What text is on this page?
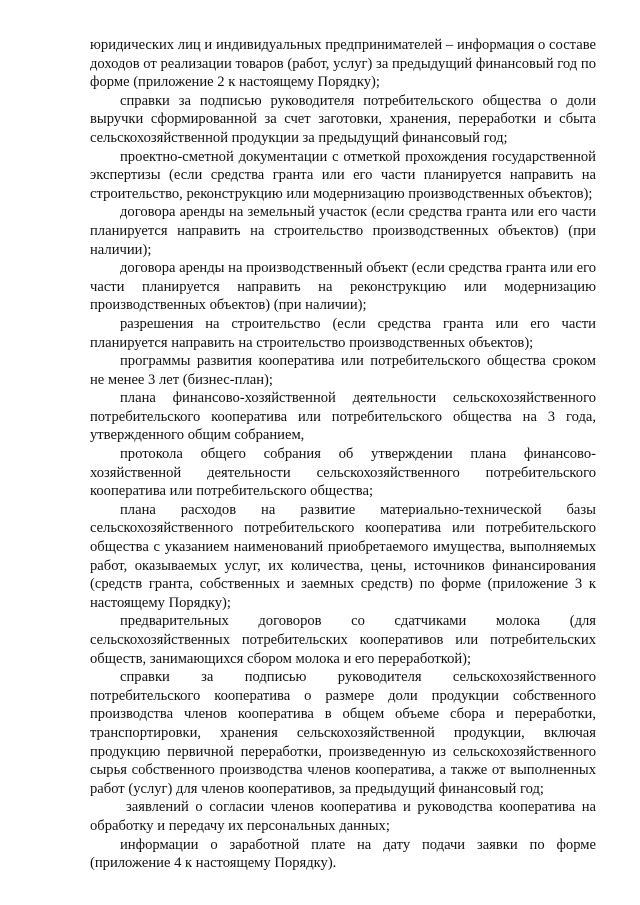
юридических лиц и индивидуальных предпринимателей – информация о составе доходов от реализации товаров (работ, услуг) за предыдущий финансовый год по форме (приложение 2 к настоящему Порядку);

справки за подписью руководителя потребительского общества о доли выручки сформированной за счет заготовки, хранения, переработки и сбыта сельскохозяйственной продукции за предыдущий финансовый год;

проектно-сметной документации с отметкой прохождения государственной экспертизы (если средства гранта или его части планируется направить на строительство, реконструкцию или модернизацию производственных объектов);

договора аренды на земельный участок (если средства гранта или его части планируется направить на строительство производственных объектов) (при наличии);

договора аренды на производственный объект (если средства гранта или его части планируется направить на реконструкцию или модернизацию производственных объектов) (при наличии);

разрешения на строительство (если средства гранта или его части планируется направить на строительство производственных объектов);

программы развития кооператива или потребительского общества сроком не менее 3 лет (бизнес-план);

плана финансово-хозяйственной деятельности сельскохозяйственного потребительского кооператива или потребительского общества на 3 года, утвержденного общим собранием,

протокола общего собрания об утверждении плана финансово-хозяйственной деятельности сельскохозяйственного потребительского кооператива или потребительского общества;

плана расходов на развитие материально-технической базы сельскохозяйственного потребительского кооператива или потребительского общества с указанием наименований приобретаемого имущества, выполняемых работ, оказываемых услуг, их количества, цены, источников финансирования (средств гранта, собственных и заемных средств) по форме (приложение 3 к настоящему Порядку);

предварительных договоров со сдатчиками молока (для сельскохозяйственных потребительских кооперативов или потребительских обществ, занимающихся сбором молока и его переработкой);

справки за подписью руководителя сельскохозяйственного потребительского кооператива о размере доли продукции собственного производства членов кооператива в общем объеме сбора и переработки, транспортировки, хранения сельскохозяйственной продукции, включая продукцию первичной переработки, произведенную из сельскохозяйственного сырья собственного производства членов кооператива, а также от выполненных работ (услуг) для членов кооперативов, за предыдущий финансовый год;

заявлений о согласии членов кооператива и руководства кооператива на обработку и передачу их персональных данных;

информации о заработной плате на дату подачи заявки по форме (приложение 4 к настоящему Порядку).
